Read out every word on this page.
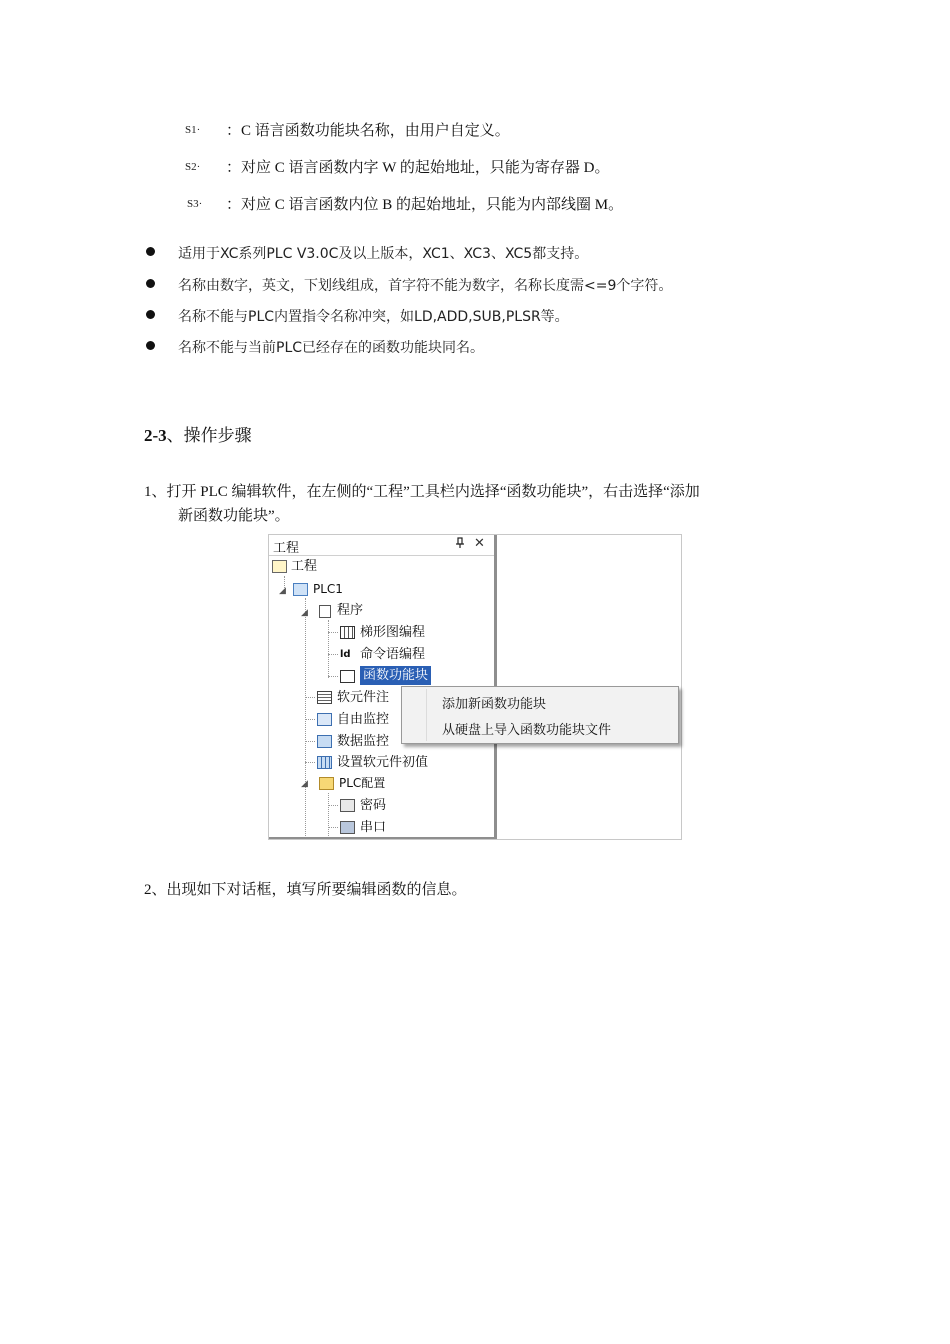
S1· ：C 语言函数功能块名称，由用户自定义。
S2· ：对应 C 语言函数内字 W 的起始地址，只能为寄存器 D。
S3· ：对应 C 语言函数内位 B 的起始地址，只能为内部线圈 M。
适用于XC系列PLC V3.0C及以上版本，XC1、XC3、XC5都支持。
名称由数字，英文，下划线组成，首字符不能为数字，名称长度需<=9个字符。
名称不能与PLC内置指令名称冲突，如LD,ADD,SUB,PLSR等。
名称不能与当前PLC已经存在的函数功能块同名。
2-3、操作步骤
1、打开 PLC 编辑软件，在左侧的“工程”工具栏内选择“函数功能块”，右击选择“添加
新函数功能块”。
工程	✕
工程
◢ PLC1
◢ 程序
梯形图编程
ld 命令语编程
函数功能块
软元件注
自由监控
数据监控
设置软元件初值
◢	PLC配置
密码
串口
添加新函数功能块
从硬盘上导入函数功能块文件
2、出现如下对话框，填写所要编辑函数的信息。
